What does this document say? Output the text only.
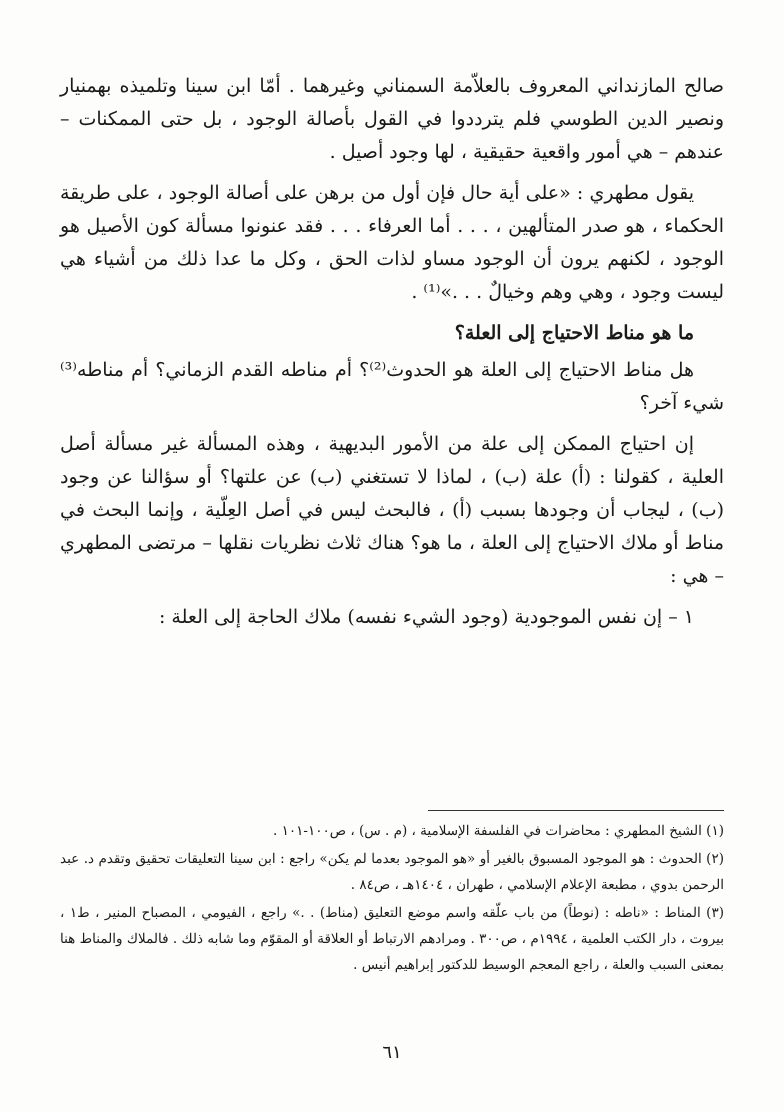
صالح المازنداني المعروف بالعلاّمة السمناني وغيرهما . أمّا ابن سينا وتلميذه بهمنيار ونصير الدين الطوسي فلم يترددوا في القول بأصالة الوجود ، بل حتى الممكنات – عندهم – هي أمور واقعية حقيقية ، لها وجود أصيل .

يقول مطهري : «على أية حال فإن أول من برهن على أصالة الوجود ، على طريقة الحكماء ، هو صدر المتألهين ، . . . أما العرفاء . . . فقد عنونوا مسألة كون الأصيل هو الوجود ، لكنهم يرون أن الوجود مساو لذات الحق ، وكل ما عدا ذلك من أشياء هي ليست وجود ، وهي وهم وخيالٌ . . .»⁽¹⁾ .

ما هو مناط الاحتياج إلى العلة؟

هل مناط الاحتياج إلى العلة هو الحدوث⁽²⁾؟ أم مناطه القدم الزماني؟ أم مناطه⁽³⁾ شيء آخر؟

إن احتياج الممكن إلى علة من الأمور البديهية ، وهذه المسألة غير مسألة أصل العلية ، كقولنا : (أ) علة (ب) ، لماذا لا تستغني (ب) عن علتها؟ أو سؤالنا عن وجود (ب) ، ليجاب أن وجودها بسبب (أ) ، فالبحث ليس في أصل العِلّية ، وإنما البحث في مناط أو ملاك الاحتياج إلى العلة ، ما هو؟ هناك ثلاث نظريات نقلها – مرتضى المطهري – هي :

١ – إن نفس الموجودية (وجود الشيء نفسه) ملاك الحاجة إلى العلة :

(١) الشيخ المطهري : محاضرات في الفلسفة الإسلامية ، (م . س) ، ص١٠٠-١٠١ .

(٢) الحدوث : هو الموجود المسبوق بالغير أو «هو الموجود بعدما لم يكن» راجع : ابن سينا التعليقات تحقيق وتقدم د. عبد الرحمن بدوي ، مطبعة الإعلام الإسلامي ، طهران ، ١٤٠٤هـ ، ص٨٤ .

(٣) المناط : «ناطه : (نوطاً) من باب علّقه واسم موضع التعليق (مناط) . .» راجع ، الفيومي ، المصباح المنير ، ط١ ، بيروت ، دار الكتب العلمية ، ١٩٩٤م ، ص٣٠٠ . ومرادهم الارتباط أو العلاقة أو المقوّم وما شابه ذلك . فالملاك والمناط هنا بمعنى السبب والعلة ، راجع المعجم الوسيط للدكتور إبراهيم أنيس .

٦١
